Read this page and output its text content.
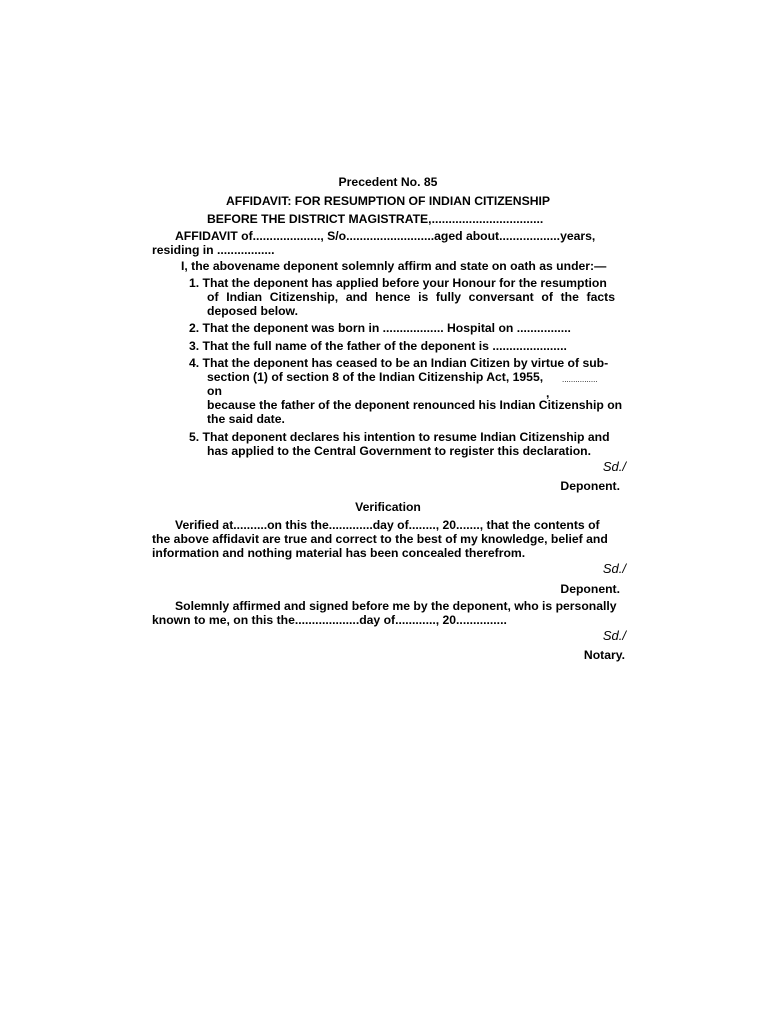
Precedent No. 85
AFFIDAVIT: FOR RESUMPTION OF INDIAN CITIZENSHIP
BEFORE THE DISTRICT MAGISTRATE,.................................
AFFIDAVIT of...................., S/o..........................aged about..................years,
residing in .................
I, the abovename deponent solemnly affirm and state on oath as under:—
1. That the deponent has applied before your Honour for the resumption
of Indian Citizenship, and hence is fully conversant of the facts
deposed below.
2. That the deponent was born in .................. Hospital on ................
3. That the full name of the father of the deponent is ......................
4. That the deponent has ceased to be an Indian Citizen by virtue of sub-
section (1) of section 8 of the Indian Citizenship Act, 1955, ................
on	,
because the father of the deponent renounced his Indian Citizenship on
the said date.
5. That deponent declares his intention to resume Indian Citizenship and
has applied to the Central Government to register this declaration.
Sd./
Deponent.
Verification
Verified at..........on this the.............day of........, 20......., that the contents of
the above affidavit are true and correct to the best of my knowledge, belief and
information and nothing material has been concealed therefrom.
Sd./
Deponent.
Solemnly affirmed and signed before me by the deponent, who is personally
known to me, on this the...................day of............, 20...............
Sd./
Notary.
